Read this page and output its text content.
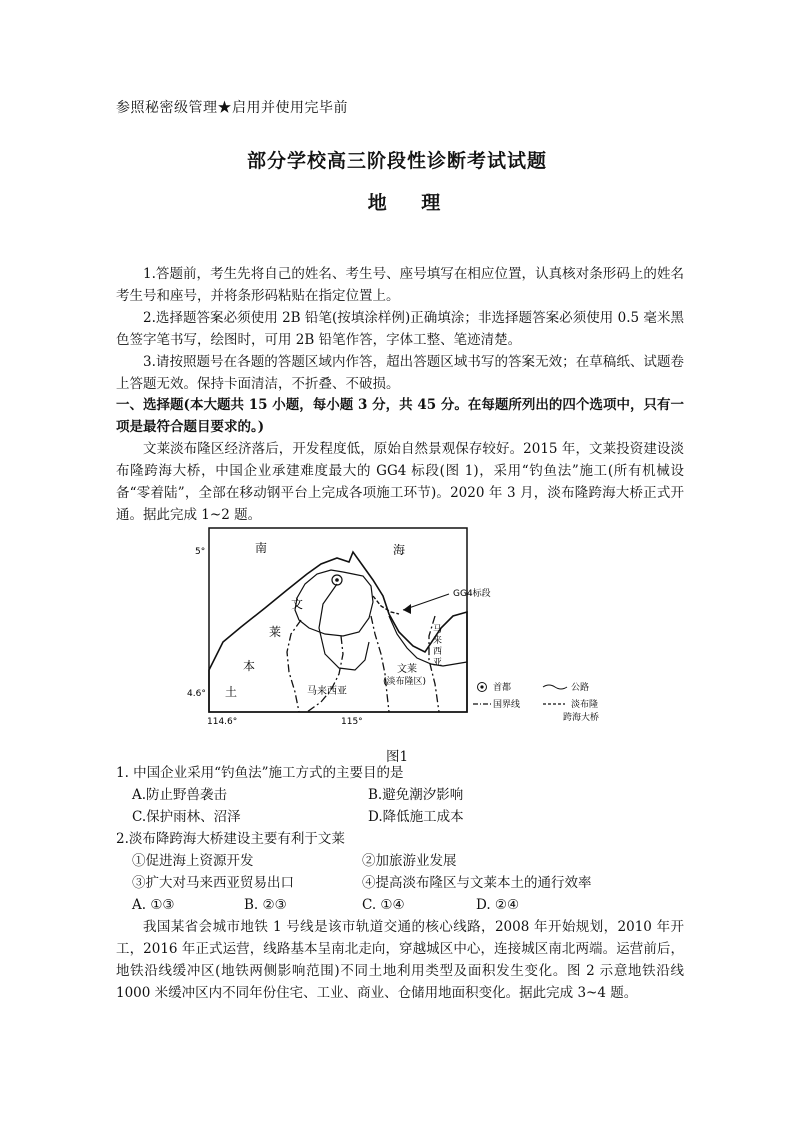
参照秘密级管理★启用并使用完毕前
部分学校高三阶段性诊断考试试题
地 理
1.答题前，考生先将自己的姓名、考生号、座号填写在相应位置，认真核对条形码上的姓名考生号和座号，并将条形码粘贴在指定位置上。
2.选择题答案必须使用 2B 铅笔(按填涂样例)正确填涂；非选择题答案必须使用 0.5 毫米黑色签字笔书写，绘图时，可用 2B 铅笔作答，字体工整、笔迹清楚。
3.请按照题号在各题的答题区域内作答，超出答题区域书写的答案无效；在草稿纸、试题卷上答题无效。保持卡面清洁，不折叠、不破损。
一、选择题(本大题共 15 小题，每小题 3 分，共 45 分。在每题所列出的四个选项中，只有一项是最符合题目要求的。)
文莱淡布隆区经济落后，开发程度低，原始自然景观保存较好。2015 年，文莱投资建设淡布隆跨海大桥，中国企业承建难度最大的 GG4 标段(图 1)，采用“钓鱼法”施工(所有机械设备“零着陆”，全部在移动钢平台上完成各项施工环节)。2020 年 3 月，淡布隆跨海大桥正式开通。据此完成 1~2 题。
南	海
文
莱
本
土
马
来
西
亚
马来西亚
文莱
(淡布隆区)
GG4标段
5°
4.6°
114.6°	115°
首都	公路
国界线	淡布隆
跨海大桥
图1
1. 中国企业采用“钓鱼法”施工方式的主要目的是
A.防止野兽袭击	B.避免潮汐影响
C.保护雨林、沼泽	D.降低施工成本
2.淡布降跨海大桥建设主要有利于文莱
①促进海上资源开发	②加旅游业发展
③扩大对马来西亚贸易出口	④提高淡布隆区与文莱本土的通行效率
A. ①③	B. ②③	C. ①④	D. ②④
我国某省会城市地铁 1 号线是该市轨道交通的核心线路，2008 年开始规划，2010 年开工，2016 年正式运营，线路基本呈南北走向，穿越城区中心，连接城区南北两端。运营前后，地铁沿线缓冲区(地铁两侧影响范围)不同土地利用类型及面积发生变化。图 2 示意地铁沿线 1000 米缓冲区内不同年份住宅、工业、商业、仓储用地面积变化。据此完成 3~4 题。
